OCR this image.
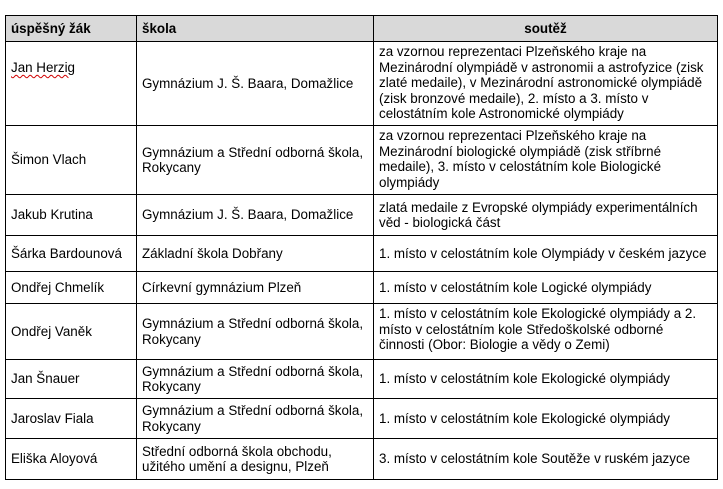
úspěšný žák	škola	soutěž
Jan Herzig	Gymnázium J. Š. Baara, Domažlice	za vzornou reprezentaci Plzeňského kraje na Mezinárodní olympiádě v astronomii a astrofyzice (zisk zlaté medaile), v Mezinárodní astronomické olympiádě (zisk bronzové medaile), 2. místo a 3. místo v celostátním kole Astronomické olympiády
Šimon Vlach	Gymnázium a Střední odborná škola, Rokycany	za vzornou reprezentaci Plzeňského kraje na Mezinárodní biologické olympiádě (zisk stříbrné medaile), 3. místo v celostátním kole Biologické olympiády
Jakub Krutina	Gymnázium J. Š. Baara, Domažlice	zlatá medaile z Evropské olympiády experimentálních věd - biologická část
Šárka Bardounová	Základní škola Dobřany	1. místo v celostátním kole Olympiády v českém jazyce
Ondřej Chmelík	Církevní gymnázium Plzeň	1. místo v celostátním kole Logické olympiády
Ondřej Vaněk	Gymnázium a Střední odborná škola, Rokycany	1. místo v celostátním kole Ekologické olympiády a 2. místo v celostátním kole Středoškolské odborné činnosti (Obor: Biologie a vědy o Zemi)
Jan Šnauer	Gymnázium a Střední odborná škola, Rokycany	1. místo v celostátním kole Ekologické olympiády
Jaroslav Fiala	Gymnázium a Střední odborná škola, Rokycany	1. místo v celostátním kole Ekologické olympiády
Eliška Aloyová	Střední odborná škola obchodu, užitého umění a designu, Plzeň	3. místo v celostátním kole Soutěže v ruském jazyce
